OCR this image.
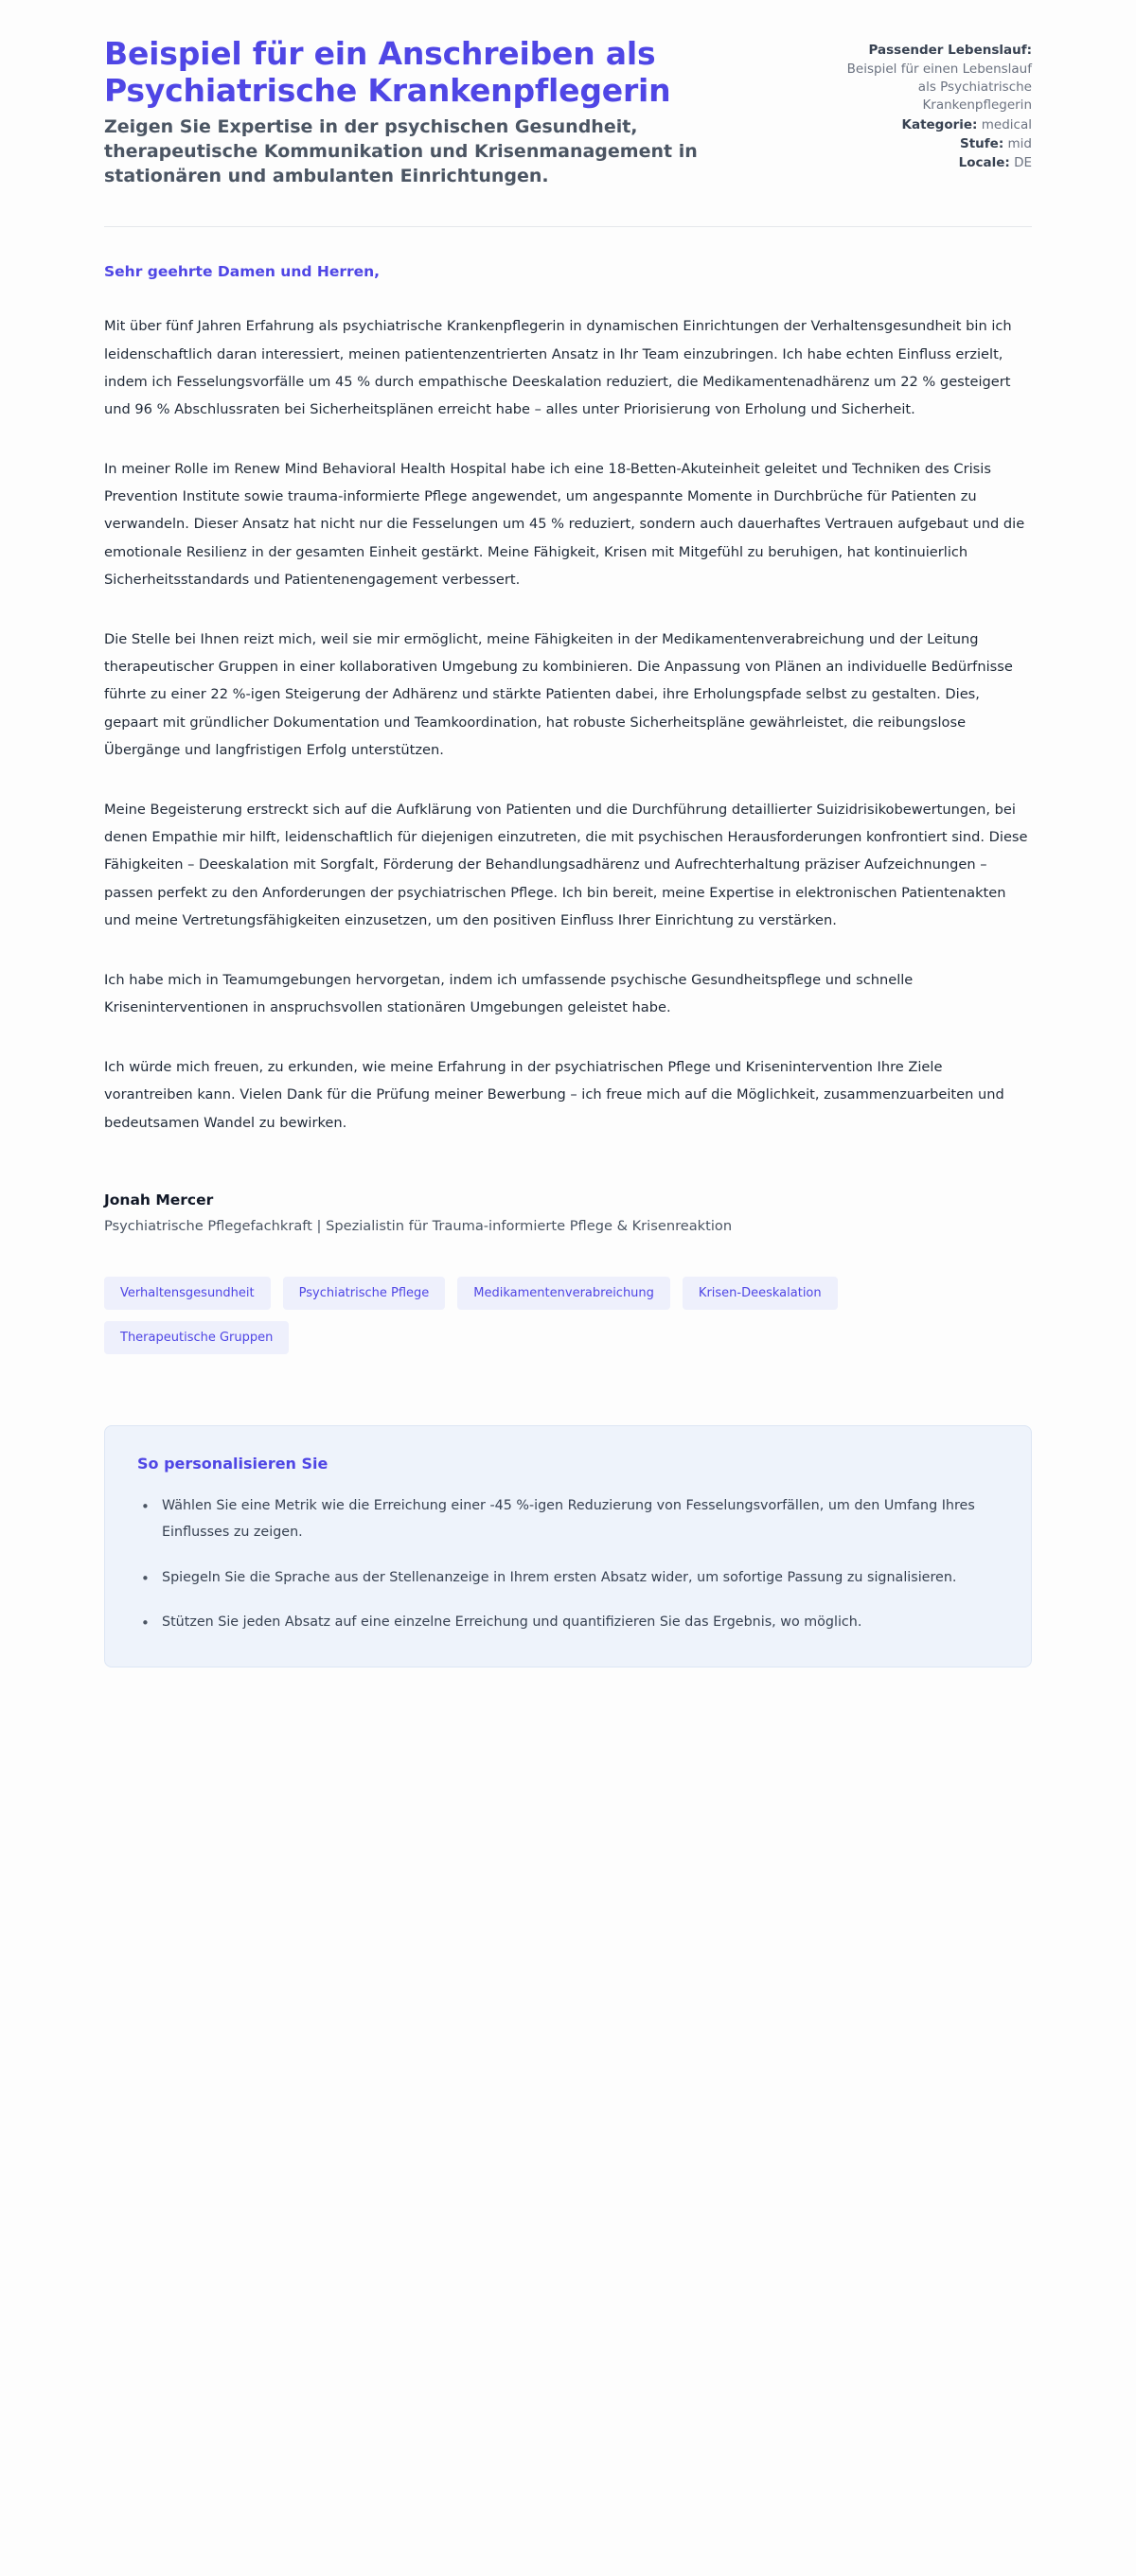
Beispiel für ein Anschreiben als Psychiatrische Krankenpflegerin

Zeigen Sie Expertise in der psychischen Gesundheit, therapeutische Kommunikation und Krisenmanagement in stationären und ambulanten Einrichtungen.

Passender Lebenslauf:
Beispiel für einen Lebenslauf als Psychiatrische Krankenpflegerin
Kategorie: medical
Stufe: mid
Locale: DE

Sehr geehrte Damen und Herren,

Mit über fünf Jahren Erfahrung als psychiatrische Krankenpflegerin in dynamischen Einrichtungen der Verhaltensgesundheit bin ich leidenschaftlich daran interessiert, meinen patientenzentrierten Ansatz in Ihr Team einzubringen. Ich habe echten Einfluss erzielt, indem ich Fesselungsvorfälle um 45 % durch empathische Deeskalation reduziert, die Medikamentenadhärenz um 22 % gesteigert und 96 % Abschlussraten bei Sicherheitsplänen erreicht habe – alles unter Priorisierung von Erholung und Sicherheit.

In meiner Rolle im Renew Mind Behavioral Health Hospital habe ich eine 18-Betten-Akuteinheit geleitet und Techniken des Crisis Prevention Institute sowie trauma-informierte Pflege angewendet, um angespannte Momente in Durchbrüche für Patienten zu verwandeln. Dieser Ansatz hat nicht nur die Fesselungen um 45 % reduziert, sondern auch dauerhaftes Vertrauen aufgebaut und die emotionale Resilienz in der gesamten Einheit gestärkt. Meine Fähigkeit, Krisen mit Mitgefühl zu beruhigen, hat kontinuierlich Sicherheitsstandards und Patientenengagement verbessert.

Die Stelle bei Ihnen reizt mich, weil sie mir ermöglicht, meine Fähigkeiten in der Medikamentenverabreichung und der Leitung therapeutischer Gruppen in einer kollaborativen Umgebung zu kombinieren. Die Anpassung von Plänen an individuelle Bedürfnisse führte zu einer 22 %-igen Steigerung der Adhärenz und stärkte Patienten dabei, ihre Erholungspfade selbst zu gestalten. Dies, gepaart mit gründlicher Dokumentation und Teamkoordination, hat robuste Sicherheitspläne gewährleistet, die reibungslose Übergänge und langfristigen Erfolg unterstützen.

Meine Begeisterung erstreckt sich auf die Aufklärung von Patienten und die Durchführung detaillierter Suizidrisikobewertungen, bei denen Empathie mir hilft, leidenschaftlich für diejenigen einzutreten, die mit psychischen Herausforderungen konfrontiert sind. Diese Fähigkeiten – Deeskalation mit Sorgfalt, Förderung der Behandlungsadhärenz und Aufrechterhaltung präziser Aufzeichnungen – passen perfekt zu den Anforderungen der psychiatrischen Pflege. Ich bin bereit, meine Expertise in elektronischen Patientenakten und meine Vertretungsfähigkeiten einzusetzen, um den positiven Einfluss Ihrer Einrichtung zu verstärken.

Ich habe mich in Teamumgebungen hervorgetan, indem ich umfassende psychische Gesundheitspflege und schnelle Kriseninterventionen in anspruchsvollen stationären Umgebungen geleistet habe.

Ich würde mich freuen, zu erkunden, wie meine Erfahrung in der psychiatrischen Pflege und Krisenintervention Ihre Ziele vorantreiben kann. Vielen Dank für die Prüfung meiner Bewerbung – ich freue mich auf die Möglichkeit, zusammenzuarbeiten und bedeutsamen Wandel zu bewirken.

Jonah Mercer

Psychiatrische Pflegefachkraft | Spezialistin für Trauma-informierte Pflege & Krisenreaktion

Verhaltensgesundheit	Psychiatrische Pflege	Medikamentenverabreichung	Krisen-Deeskalation
Therapeutische Gruppen
So personalisieren Sie
• Wählen Sie eine Metrik wie die Erreichung einer -45 %-igen Reduzierung von Fesselungsvorfällen, um den Umfang Ihres Einflusses zu zeigen.
• Spiegeln Sie die Sprache aus der Stellenanzeige in Ihrem ersten Absatz wider, um sofortige Passung zu signalisieren.
• Stützen Sie jeden Absatz auf eine einzelne Erreichung und quantifizieren Sie das Ergebnis, wo möglich.
